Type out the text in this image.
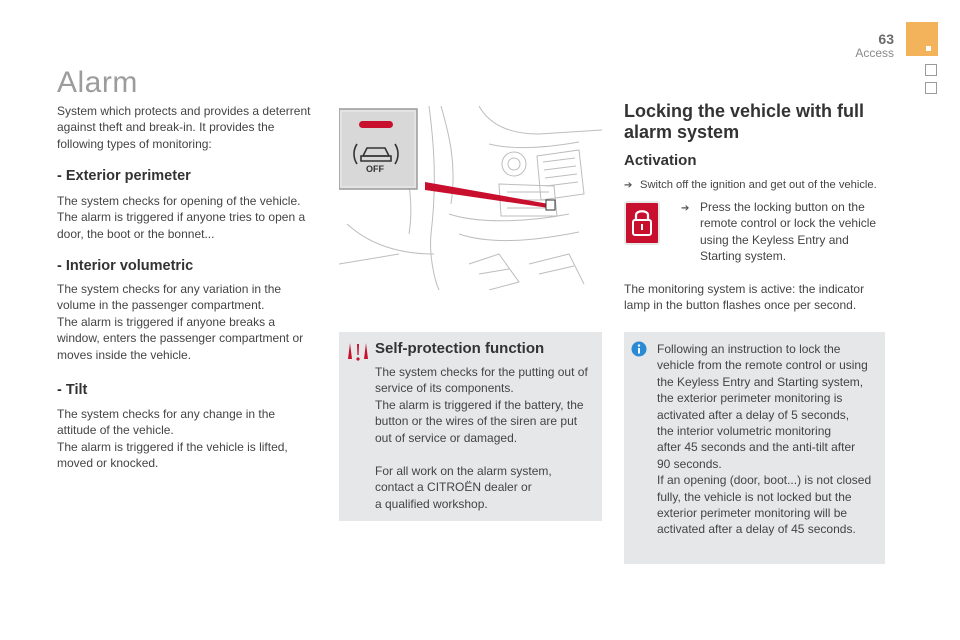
63
Access
Alarm
System which protects and provides a deterrent
against theft and break-in. It provides the
following types of monitoring:
- Exterior perimeter
The system checks for opening of the vehicle.
The alarm is triggered if anyone tries to open a
door, the boot or the bonnet...
- Interior volumetric
The system checks for any variation in the
volume in the passenger compartment.
The alarm is triggered if anyone breaks a
window, enters the passenger compartment or
moves inside the vehicle.
- Tilt
The system checks for any change in the
attitude of the vehicle.
The alarm is triggered if the vehicle is lifted,
moved or knocked.
OFF
Locking the vehicle with full
alarm system
Activation
➔ Switch off the ignition and get out of the vehicle.
➔ Press the locking button on the
remote control or lock the vehicle
using the Keyless Entry and
Starting system.
The monitoring system is active: the indicator
lamp in the button flashes once per second.
Self-protection function
The system checks for the putting out of
service of its components.
The alarm is triggered if the battery, the
button or the wires of the siren are put
out of service or damaged.
For all work on the alarm system,
contact a CITROËN dealer or
a qualified workshop.
Following an instruction to lock the
vehicle from the remote control or using
the Keyless Entry and Starting system,
the exterior perimeter monitoring is
activated after a delay of 5 seconds,
the interior volumetric monitoring
after 45 seconds and the anti-tilt after
90 seconds.
If an opening (door, boot...) is not closed
fully, the vehicle is not locked but the
exterior perimeter monitoring will be
activated after a delay of 45 seconds.
